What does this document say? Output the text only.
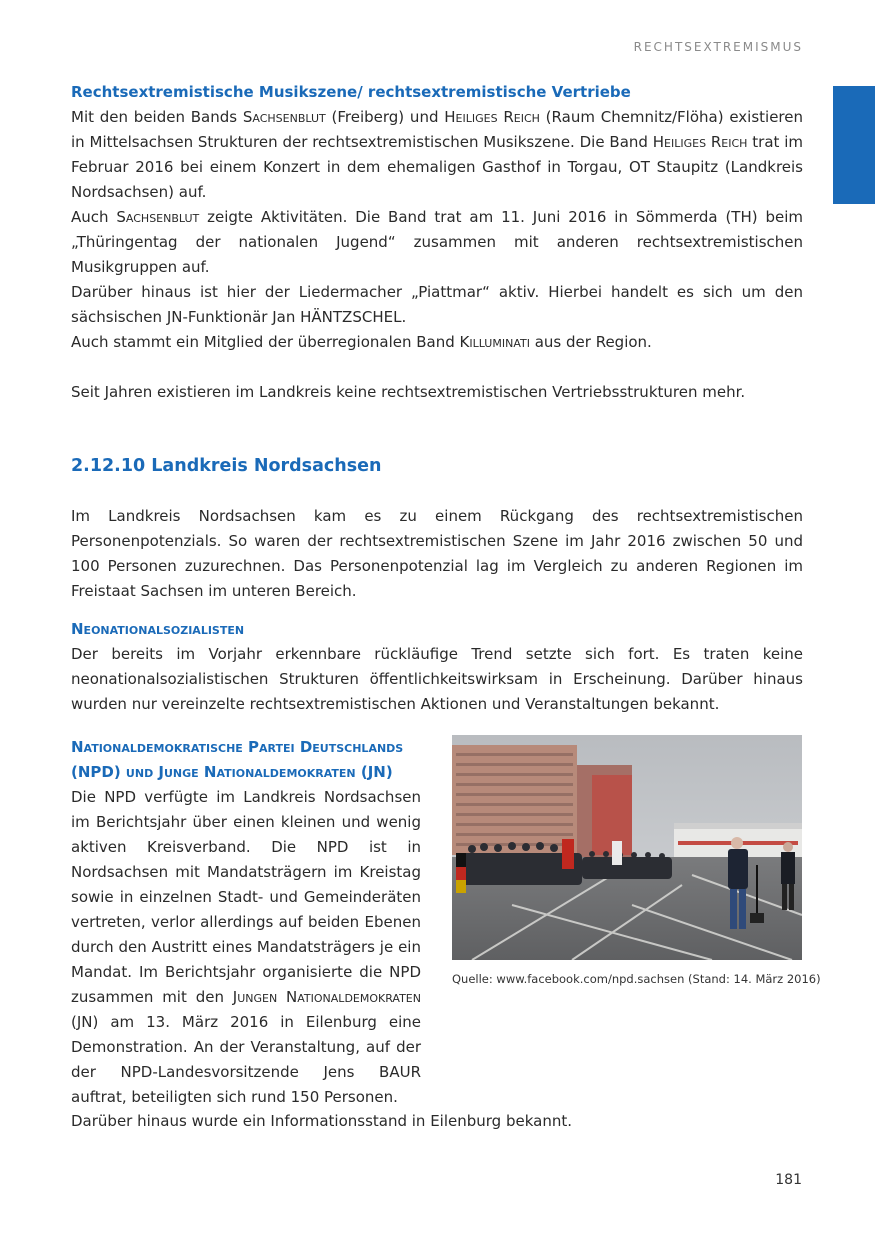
RECHTSEXTREMISMUS

Rechtsextremistische Musikszene/ rechtsextremistische Vertriebe

Mit den beiden Bands Sachsenblut (Freiberg) und Heiliges Reich (Raum Chemnitz/Flöha) existieren in Mittelsachsen Strukturen der rechtsextremistischen Musikszene. Die Band Heiliges Reich trat im Februar 2016 bei einem Konzert in dem ehemaligen Gasthof in Torgau, OT Staupitz (Landkreis Nordsachsen) auf.

Auch Sachsenblut zeigte Aktivitäten. Die Band trat am 11. Juni 2016 in Sömmerda (TH) beim „Thüringentag der nationalen Jugend“ zusammen mit anderen rechtsextremistischen Musikgruppen auf.

Darüber hinaus ist hier der Liedermacher „Piattmar“ aktiv. Hierbei handelt es sich um den sächsischen JN-Funktionär Jan HÄNTZSCHEL.

Auch stammt ein Mitglied der überregionalen Band Killuminati aus der Region.

Seit Jahren existieren im Landkreis keine rechtsextremistischen Vertriebsstrukturen mehr.

2.12.10 Landkreis Nordsachsen

Im Landkreis Nordsachsen kam es zu einem Rückgang des rechtsextremistischen Personenpotenzials. So waren der rechtsextremistischen Szene im Jahr 2016 zwischen 50 und 100 Personen zuzurechnen. Das Personenpotenzial lag im Vergleich zu anderen Regionen im Freistaat Sachsen im unteren Bereich.

Neonationalsozialisten

Der bereits im Vorjahr erkennbare rückläufige Trend setzte sich fort. Es traten keine neonationalsozialistischen Strukturen öffentlichkeitswirksam in Erscheinung. Darüber hinaus wurden nur vereinzelte rechtsextremistischen Aktionen und Veranstaltungen bekannt.

Nationaldemokratische Partei Deutschlands

(NPD) und Junge Nationaldemokraten (JN)

Die NPD verfügte im Landkreis Nordsachsen im Berichtsjahr über einen kleinen und wenig aktiven Kreisverband. Die NPD ist in Nordsachsen mit Mandatsträgern im Kreistag sowie in einzelnen Stadt- und Gemeinderäten vertreten, verlor allerdings auf beiden Ebenen durch den Austritt eines Mandatsträgers je ein Mandat. Im Berichtsjahr organisierte die NPD zusammen mit den Jungen Nationaldemokraten (JN) am 13. März 2016 in Eilenburg eine Demonstration. An der Veranstaltung, auf der der NPD-Landesvorsitzende Jens BAUR auftrat, beteiligten sich rund 150 Personen.

Quelle: www.facebook.com/npd.sachsen (Stand: 14. März 2016)

Darüber hinaus wurde ein Informationsstand in Eilenburg bekannt.

181
